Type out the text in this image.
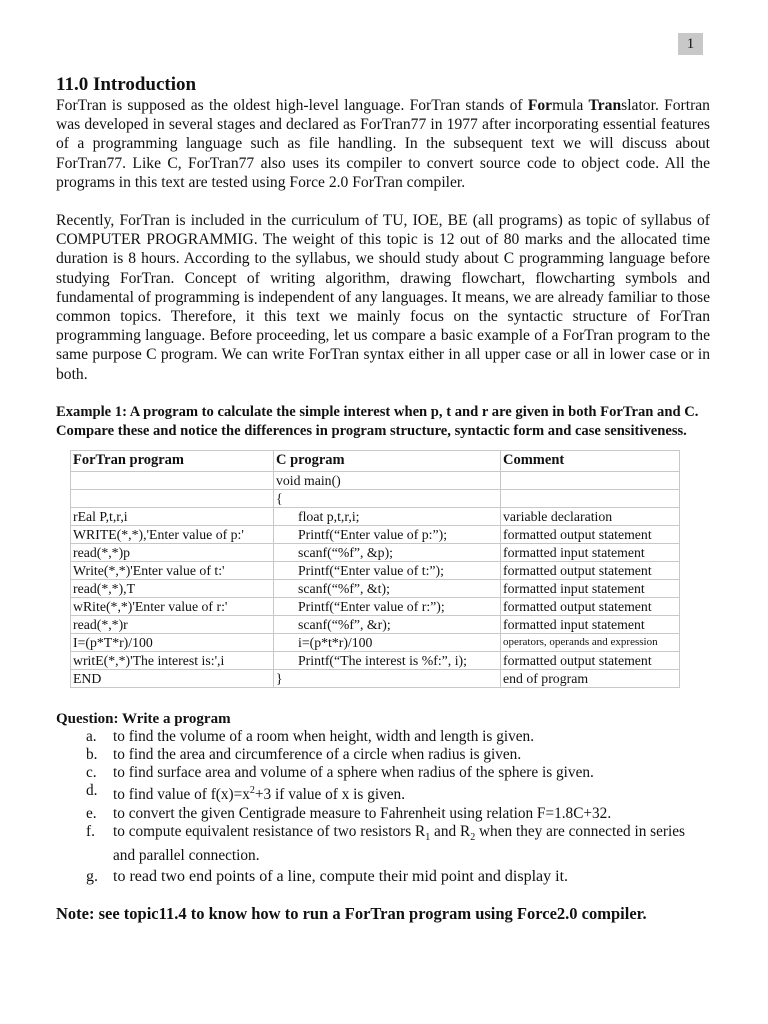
1
11.0 Introduction

ForTran is supposed as the oldest high-level language. ForTran stands of Formula Translator. Fortran was developed in several stages and declared as ForTran77 in 1977 after incorporating essential features of a programming language such as file handling. In the subsequent text we will discuss about ForTran77. Like C, ForTran77 also uses its compiler to convert source code to object code. All the programs in this text are tested using Force 2.0 ForTran compiler.

Recently, ForTran is included in the curriculum of TU, IOE, BE (all programs) as topic of syllabus of COMPUTER PROGRAMMIG. The weight of this topic is 12 out of 80 marks and the allocated time duration is 8 hours. According to the syllabus, we should study about C programming language before studying ForTran. Concept of writing algorithm, drawing flowchart, flowcharting symbols and fundamental of programming is independent of any languages. It means, we are already familiar to those common topics. Therefore, it this text we mainly focus on the syntactic structure of ForTran programming language. Before proceeding, let us compare a basic example of a ForTran program to the same purpose C program. We can write ForTran syntax either in all upper case or all in lower case or in both.

Example 1: A program to calculate the simple interest when p, t and r are given in both ForTran and C. Compare these and notice the differences in program structure, syntactic form and case sensitiveness.
ForTran program	C program	Comment
	void main()	
	{	
rEal P,t,r,i	float p,t,r,i;	variable declaration
WRITE(*,*),'Enter value of p:'	Printf(“Enter value of p:”);	formatted output statement
read(*,*)p	scanf(“%f”, &p);	formatted input statement
Write(*,*)'Enter value of t:'	Printf(“Enter value of t:”);	formatted output statement
read(*,*),T	scanf(“%f”, &t);	formatted input statement
wRite(*,*)'Enter value of r:'	Printf(“Enter value of r:”);	formatted output statement
read(*,*)r	scanf(“%f”, &r);	formatted input statement
I=(p*T*r)/100	i=(p*t*r)/100	operators, operands and expression
writE(*,*)'The interest is:',i	Printf(“The interest is %f:”, i);	formatted output statement
END	}	end of program
Question: Write a program
a. to find the volume of a room when height, width and length is given.
b. to find the area and circumference of a circle when radius is given.
c. to find surface area and volume of a sphere when radius of the sphere is given.
d. to find value of $f(x)=x^2+3$ if value of x is given.
e. to convert the given Centigrade measure to Fahrenheit using relation F=1.8C+32.
f. to compute equivalent resistance of two resistors $R_1$ and $R_2$ when they are connected in series and parallel connection.
g. to read two end points of a line, compute their mid point and display it.
Note: see topic11.4 to know how to run a ForTran program using Force2.0 compiler.
